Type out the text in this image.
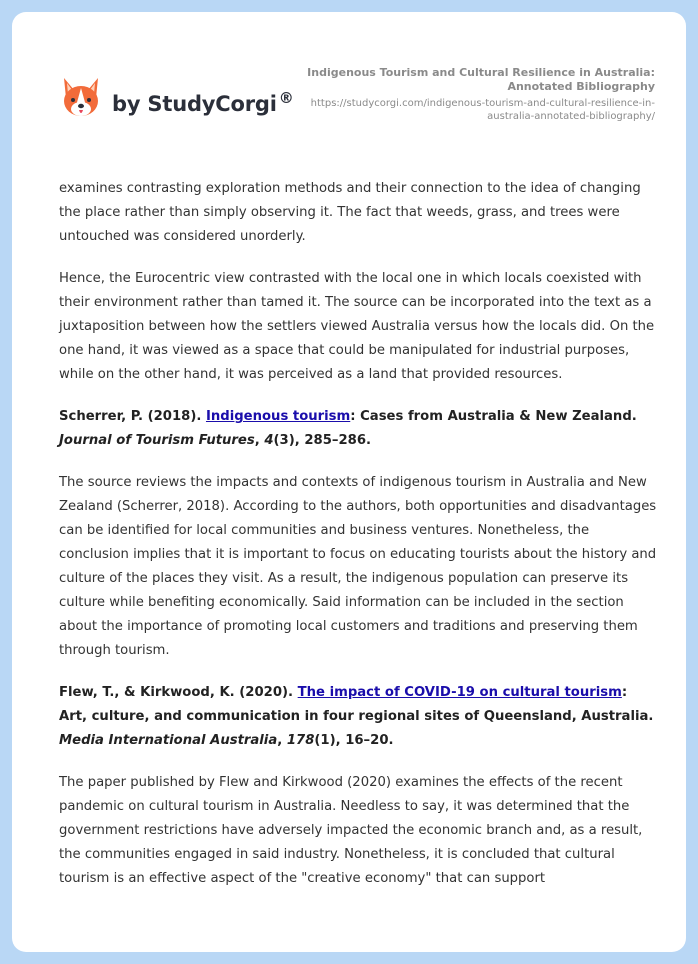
by StudyCorgi ®
Indigenous Tourism and Cultural Resilience in Australia: Annotated Bibliography
https://studycorgi.com/indigenous-tourism-and-cultural-resilience-in-australia-annotated-bibliography/

examines contrasting exploration methods and their connection to the idea of changing the place rather than simply observing it. The fact that weeds, grass, and trees were untouched was considered unorderly.

Hence, the Eurocentric view contrasted with the local one in which locals coexisted with their environment rather than tamed it. The source can be incorporated into the text as a juxtaposition between how the settlers viewed Australia versus how the locals did. On the one hand, it was viewed as a space that could be manipulated for industrial purposes, while on the other hand, it was perceived as a land that provided resources.

Scherrer, P. (2018). Indigenous tourism: Cases from Australia & New Zealand. Journal of Tourism Futures, 4(3), 285–286.

The source reviews the impacts and contexts of indigenous tourism in Australia and New Zealand (Scherrer, 2018). According to the authors, both opportunities and disadvantages can be identified for local communities and business ventures. Nonetheless, the conclusion implies that it is important to focus on educating tourists about the history and culture of the places they visit. As a result, the indigenous population can preserve its culture while benefiting economically. Said information can be included in the section about the importance of promoting local customers and traditions and preserving them through tourism.

Flew, T., & Kirkwood, K. (2020). The impact of COVID-19 on cultural tourism: Art, culture, and communication in four regional sites of Queensland, Australia. Media International Australia, 178(1), 16–20.

The paper published by Flew and Kirkwood (2020) examines the effects of the recent pandemic on cultural tourism in Australia. Needless to say, it was determined that the government restrictions have adversely impacted the economic branch and, as a result, the communities engaged in said industry. Nonetheless, it is concluded that cultural tourism is an effective aspect of the "creative economy" that can support
